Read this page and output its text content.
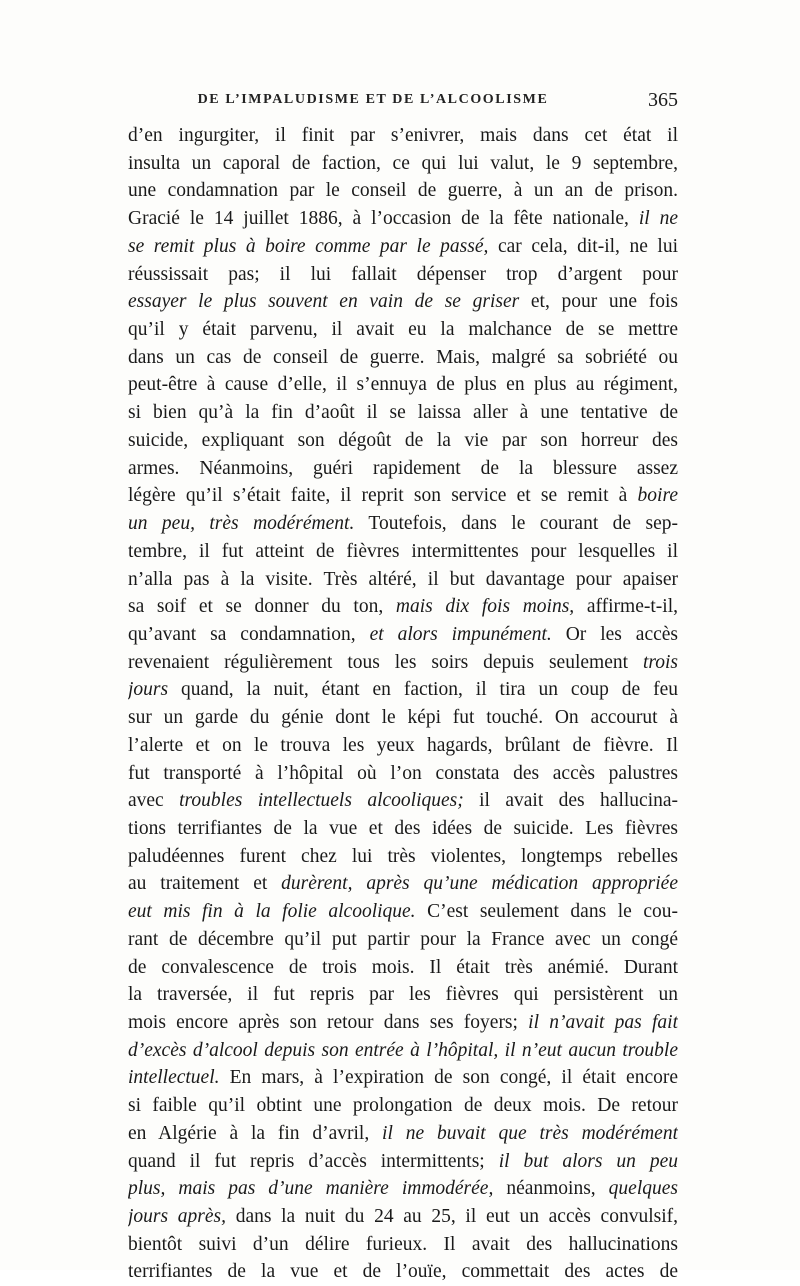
DE L’IMPALUDISME ET DE L’ALCOOLISME	365
d’en ingurgiter, il finit par s’enivrer, mais dans cet état il
insulta un caporal de faction, ce qui lui valut, le 9 septembre,
une condamnation par le conseil de guerre, à un an de prison.
Gracié le 14 juillet 1886, à l’occasion de la fête nationale, il ne
se remit plus à boire comme par le passé, car cela, dit-il, ne lui
réussissait pas; il lui fallait dépenser trop d’argent pour
essayer le plus souvent en vain de se griser et, pour une fois
qu’il y était parvenu, il avait eu la malchance de se mettre
dans un cas de conseil de guerre. Mais, malgré sa sobriété ou
peut-être à cause d’elle, il s’ennuya de plus en plus au régiment,
si bien qu’à la fin d’août il se laissa aller à une tentative de
suicide, expliquant son dégoût de la vie par son horreur des
armes. Néanmoins, guéri rapidement de la blessure assez
légère qu’il s’était faite, il reprit son service et se remit à boire
un peu, très modérément. Toutefois, dans le courant de sep-
tembre, il fut atteint de fièvres intermittentes pour lesquelles il
n’alla pas à la visite. Très altéré, il but davantage pour apaiser
sa soif et se donner du ton, mais dix fois moins, affirme-t-il,
qu’avant sa condamnation, et alors impunément. Or les accès
revenaient régulièrement tous les soirs depuis seulement trois
jours quand, la nuit, étant en faction, il tira un coup de feu
sur un garde du génie dont le képi fut touché. On accourut à
l’alerte et on le trouva les yeux hagards, brûlant de fièvre. Il
fut transporté à l’hôpital où l’on constata des accès palustres
avec troubles intellectuels alcooliques; il avait des hallucina-
tions terrifiantes de la vue et des idées de suicide. Les fièvres
paludéennes furent chez lui très violentes, longtemps rebelles
au traitement et durèrent, après qu’une médication appropriée
eut mis fin à la folie alcoolique. C’est seulement dans le cou-
rant de décembre qu’il put partir pour la France avec un congé
de convalescence de trois mois. Il était très anémié. Durant
la traversée, il fut repris par les fièvres qui persistèrent un
mois encore après son retour dans ses foyers; il n’avait pas fait
d’excès d’alcool depuis son entrée à l’hôpital, il n’eut aucun trouble
intellectuel. En mars, à l’expiration de son congé, il était encore
si faible qu’il obtint une prolongation de deux mois. De retour
en Algérie à la fin d’avril, il ne buvait que très modérément
quand il fut repris d’accès intermittents; il but alors un peu
plus, mais pas d’une manière immodérée, néanmoins, quelques
jours après, dans la nuit du 24 au 25, il eut un accès convulsif,
bientôt suivi d’un délire furieux. Il avait des hallucinations
terrifiantes de la vue et de l’ouïe, commettait des actes de
